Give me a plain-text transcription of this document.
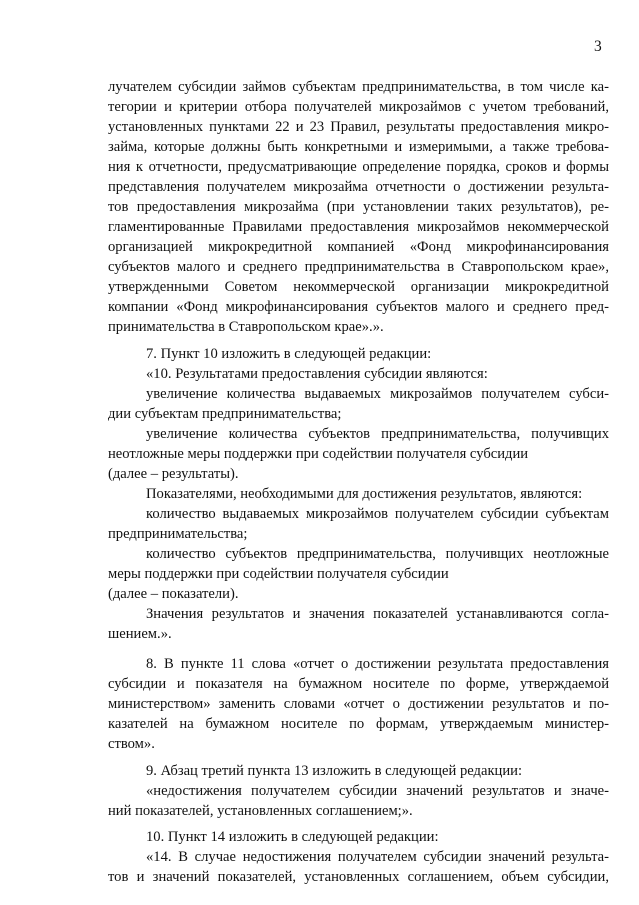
3
лучателем субсидии займов субъектам предпринимательства, в том числе ка-
тегории и критерии отбора получателей микрозаймов с учетом требований,
установленных пунктами 22 и 23 Правил, результаты предоставления микро-
займа, которые должны быть конкретными и измеримыми, а также требова-
ния к отчетности, предусматривающие определение порядка, сроков и формы
представления получателем микрозайма отчетности о достижении результа-
тов предоставления микрозайма (при установлении таких результатов), ре-
гламентированные Правилами предоставления микрозаймов некоммерческой
организацией микрокредитной компанией «Фонд микрофинансирования
субъектов малого и среднего предпринимательства в Ставропольском крае»,
утвержденными Советом некоммерческой организации микрокредитной
компании «Фонд микрофинансирования субъектов малого и среднего пред-
принимательства в Ставропольском крае».».
7. Пункт 10 изложить в следующей редакции:
«10. Результатами предоставления субсидии являются:
увеличение количества выдаваемых микрозаймов получателем субси-
дии субъектам предпринимательства;
увеличение количества субъектов предпринимательства, получивщих
неотложные меры поддержки при содействии получателя субсидии
(далее – результаты).
Показателями, необходимыми для достижения результатов, являются:
количество выдаваемых микрозаймов получателем субсидии субъектам
предпринимательства;
количество субъектов предпринимательства, получивщих неотложные
меры поддержки при содействии получателя субсидии
(далее – показатели).
Значения результатов и значения показателей устанавливаются согла-
шением.».
8. В пункте 11 слова «отчет о достижении результата предоставления
субсидии и показателя на бумажном носителе по форме, утверждаемой
министерством» заменить словами «отчет о достижении результатов и по-
казателей на бумажном носителе по формам, утверждаемым министер-
ством».
9. Абзац третий пункта 13 изложить в следующей редакции:
«недостижения получателем субсидии значений результатов и значе-
ний показателей, установленных соглашением;».
10. Пункт 14 изложить в следующей редакции:
«14. В случае недостижения получателем субсидии значений результа-
тов и значений показателей, установленных соглашением, объем субсидии,
